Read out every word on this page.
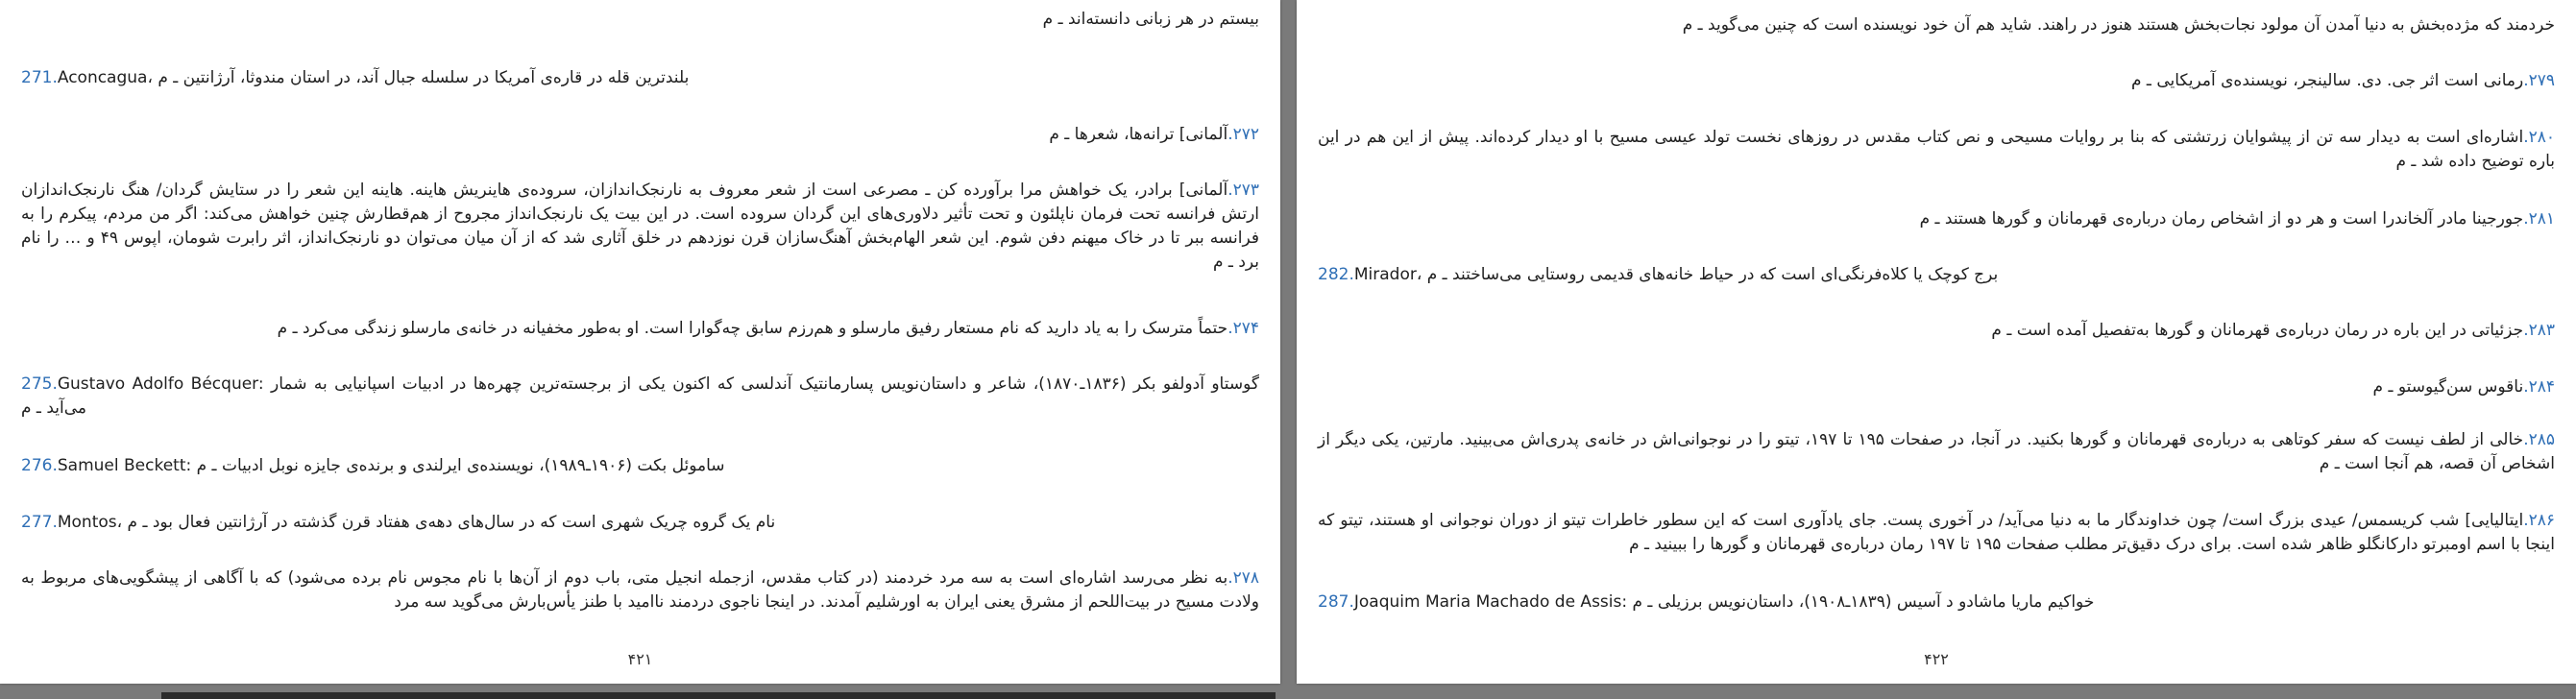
بیستم در هر زبانی دانسته‌اند ـ م

271.Aconcagua، بلندترین قله در قاره‌ی آمریکا در سلسله جبال آند، در استان مندوثا، آرژانتین ـ م

۲۷۲.آلمانی] ترانه‌ها، شعرها ـ م

۲۷۳.آلمانی] برادر، یک خواهش مرا برآورده کن ـ مصرعی است از شعر معروف به نارنجک‌اندازان، سروده‌ی هاینریش هاینه. هاینه این شعر را در ستایش گردان/ هنگ نارنجک‌اندازان ارتش فرانسه تحت فرمان ناپلئون و تحت تأثیر دلاوری‌های این گردان سروده است. در این بیت یک نارنجک‌انداز مجروح از هم‌قطارش چنین خواهش می‌کند: اگر من مردم، پیکرم را به فرانسه ببر تا در خاک میهنم دفن شوم. این شعر الهام‌بخش آهنگ‌سازان قرن نوزدهم در خلق آثاری شد که از آن میان می‌توان دو نارنجک‌انداز، اثر رابرت شومان، اپوس ۴۹ و … را نام برد ـ م

۲۷۴.حتماً مترسک را به یاد دارید که نام مستعار رفیق مارسلو و هم‌رزم سابق چه‌گوارا است. او به‌طور مخفیانه در خانه‌ی مارسلو زندگی می‌کرد ـ م

275.Gustavo Adolfo Bécquer: گوستاو آدولفو بکر (۱۸۳۶ـ۱۸۷۰)، شاعر و داستان‌نویس پسارمانتیک آندلسی که اکنون یکی از برجسته‌ترین چهره‌ها در ادبیات اسپانیایی به شمار می‌آید ـ م

276.Samuel Beckett: ساموئل بکت (۱۹۰۶ـ۱۹۸۹)، نویسنده‌ی ایرلندی و برنده‌ی جایزه نوبل ادبیات ـ م

277.Montos، نام یک گروه چریک شهری است که در سال‌های دهه‌ی هفتاد قرن گذشته در آرژانتین فعال بود ـ م

۲۷۸.به نظر می‌رسد اشاره‌ای است به سه مرد خردمند (در کتاب مقدس، ازجمله انجیل متی، باب دوم از آن‌ها با نام مجوس نام برده می‌شود) که با آگاهی از پیشگویی‌های مربوط به ولادت مسیح در بیت‌اللحم از مشرق یعنی ایران به اورشلیم آمدند. در اینجا ناجوی دردمند ناامید با طنز یأس‌بارش می‌گوید سه مرد

۴۲۱

خردمند که مژده‌بخش به دنیا آمدن آن مولود نجات‌بخش هستند هنوز در راهند. شاید هم آن خود نویسنده است که چنین می‌گوید ـ م

۲۷۹.رمانی است اثر جی. دی. سالینجر، نویسنده‌ی آمریکایی ـ م

۲۸۰.اشاره‌ای است به دیدار سه تن از پیشوایان زرتشتی که بنا بر روایات مسیحی و نص کتاب مقدس در روزهای نخست تولد عیسی مسیح با او دیدار کرده‌اند. پیش از این هم در این باره توضیح داده شد ـ م

۲۸۱.جورجینا مادر آلخاندرا است و هر دو از اشخاص رمان درباره‌ی قهرمانان و گورها هستند ـ م

282.Mirador، برج کوچک یا کلاه‌فرنگی‌ای است که در حیاط خانه‌های قدیمی روستایی می‌ساختند ـ م

۲۸۳.جزئیاتی در این باره در رمان درباره‌ی قهرمانان و گورها به‌تفصیل آمده است ـ م

۲۸۴.ناقوس سن‌گیوستو ـ م

۲۸۵.خالی از لطف نیست که سفر کوتاهی به درباره‌ی قهرمانان و گورها بکنید. در آنجا، در صفحات ۱۹۵ تا ۱۹۷، تیتو را در نوجوانی‌اش در خانه‌ی پدری‌اش می‌بینید. مارتین، یکی دیگر از اشخاص آن قصه، هم آنجا است ـ م

۲۸۶.ایتالیایی] شب کریسمس/ عیدی بزرگ است/ چون خداوندگار ما به دنیا می‌آید/ در آخوری پست. جای یادآوری است که این سطور خاطرات تیتو از دوران نوجوانی او هستند، تیتو که اینجا با اسم اومبرتو دارکانگلو ظاهر شده است. برای درک دقیق‌تر مطلب صفحات ۱۹۵ تا ۱۹۷ رمان درباره‌ی قهرمانان و گورها را ببینید ـ م

287.Joaquim Maria Machado de Assis: خواکیم ماریا ماشادو د آسیس (۱۸۳۹ـ۱۹۰۸)، داستان‌نویس برزیلی ـ م

۴۲۲
